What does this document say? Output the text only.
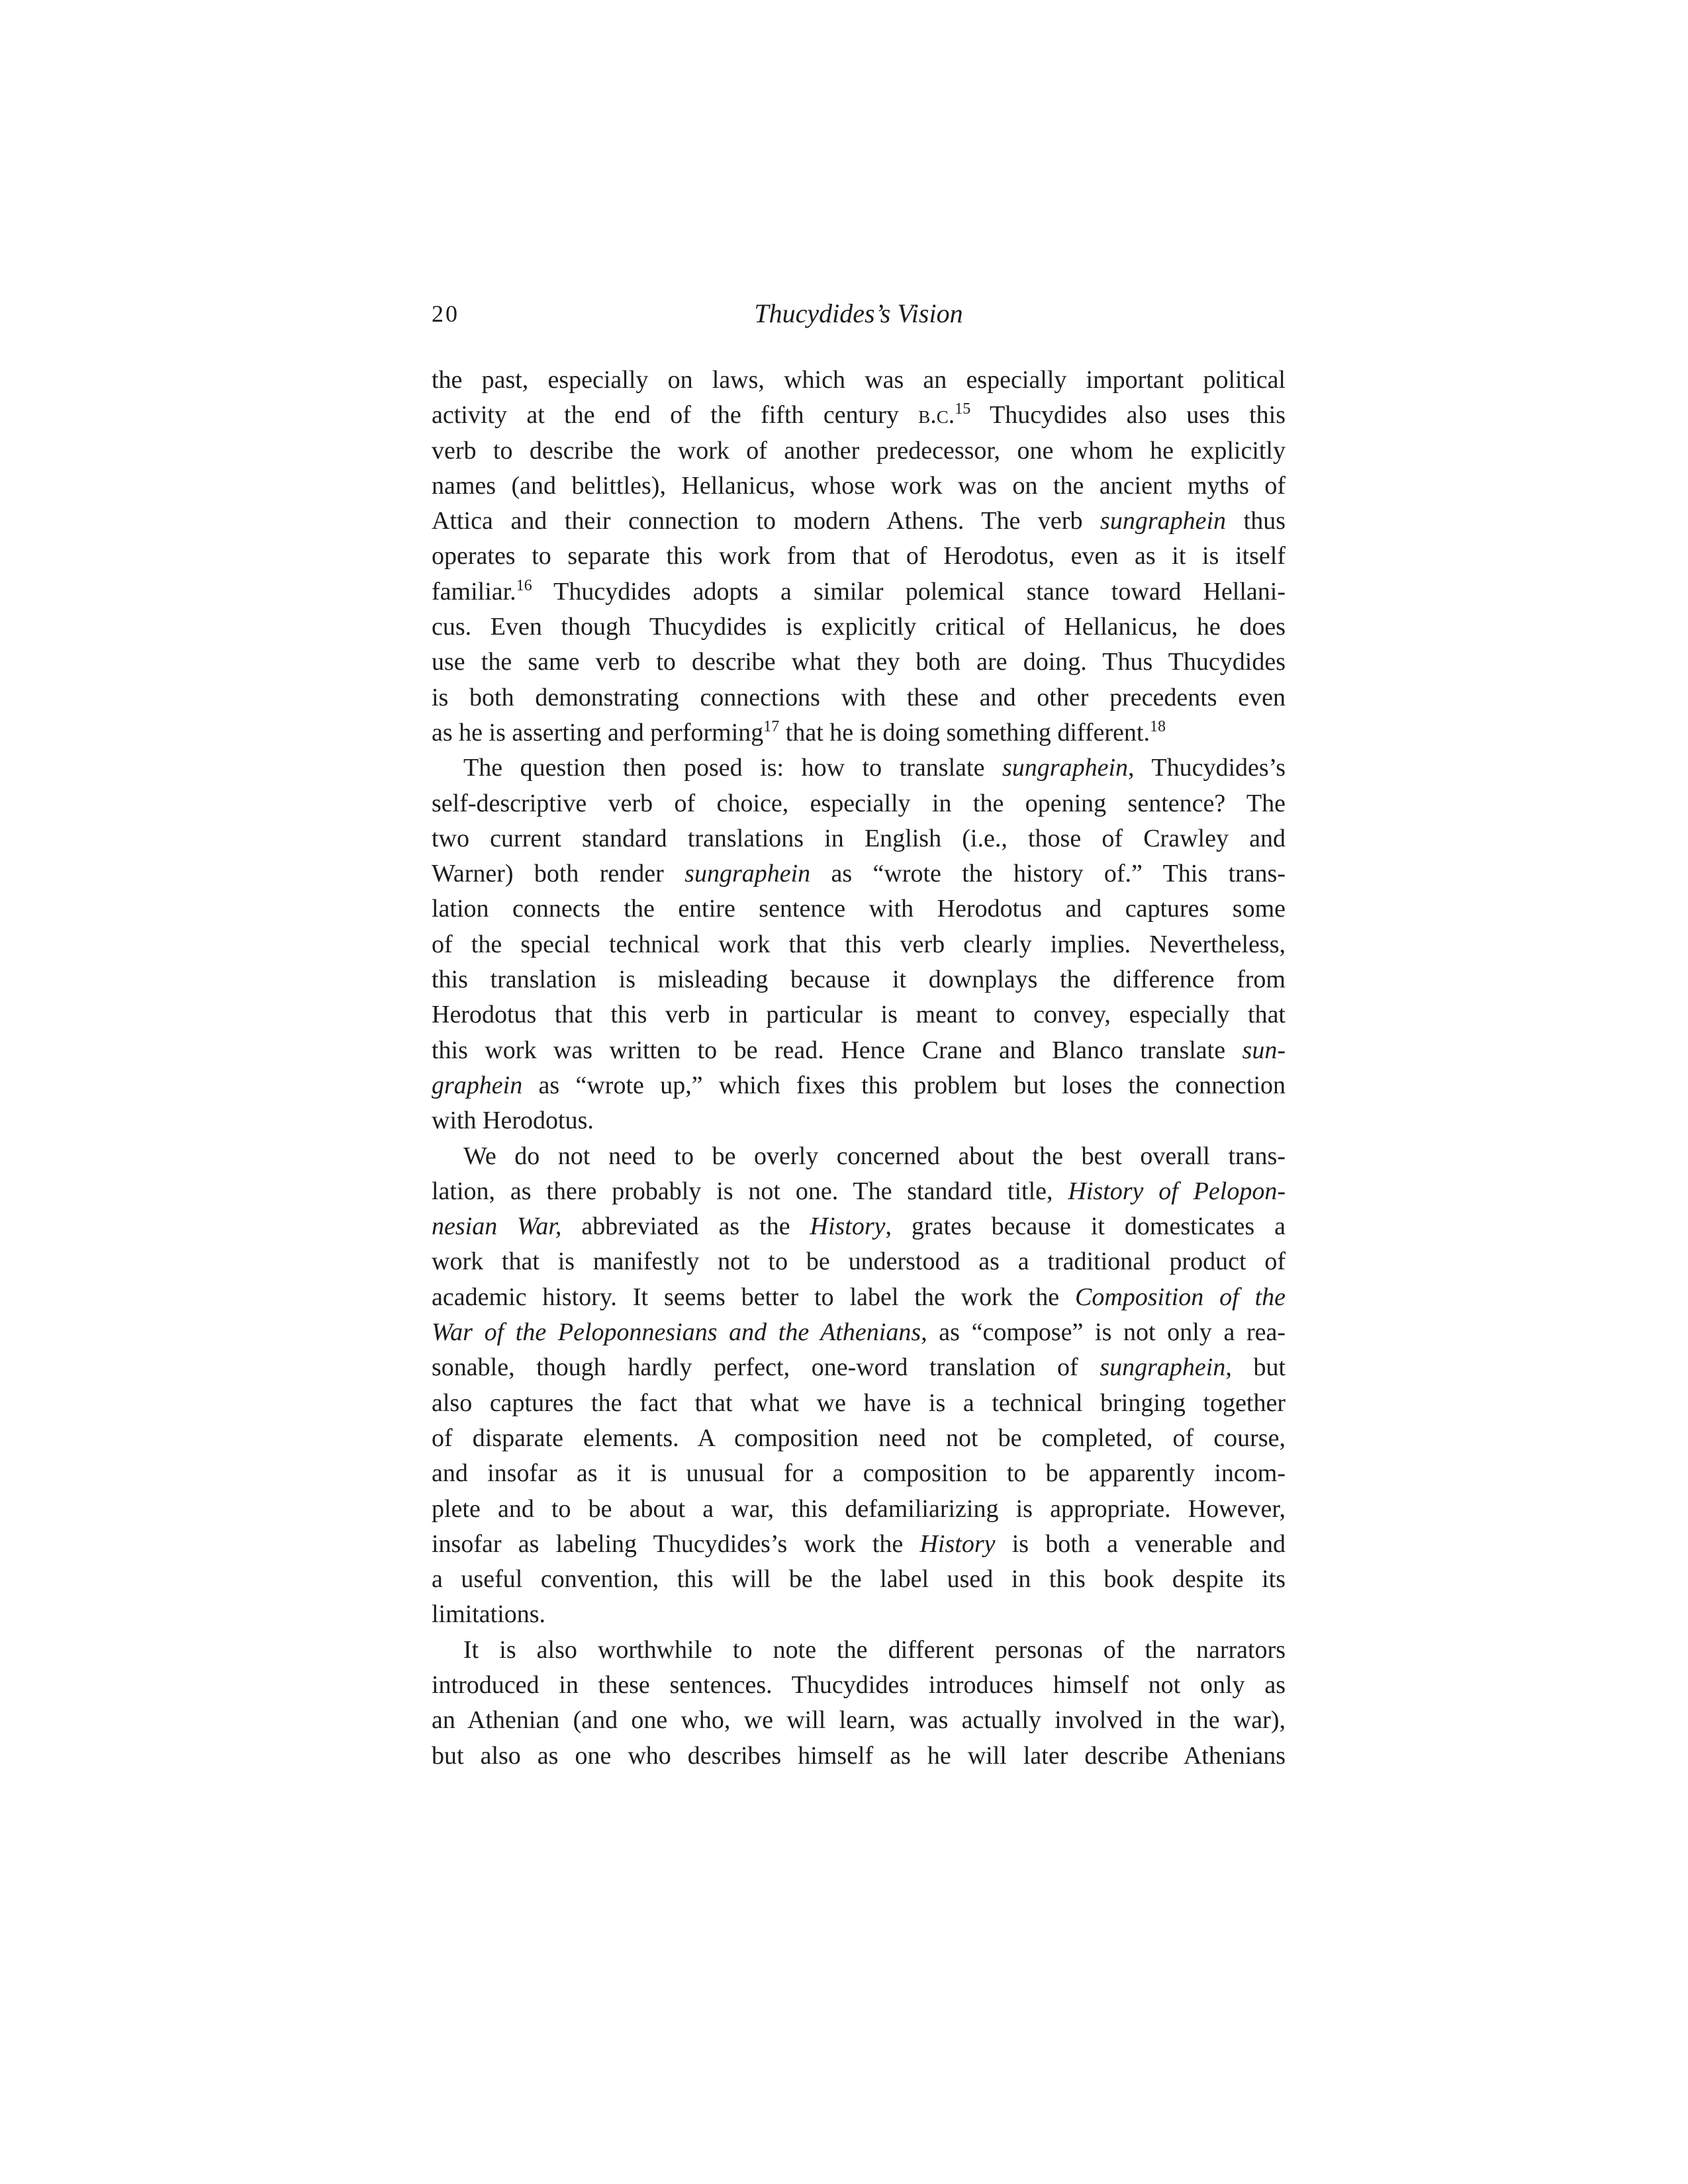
20	Thucydides’s Vision
the past, especially on laws, which was an especially important political
activity at the end of the fifth century b.c.$^{15}$ Thucydides also uses this
verb to describe the work of another predecessor, one whom he explicitly
names (and belittles), Hellanicus, whose work was on the ancient myths of
Attica and their connection to modern Athens. The verb sungraphein thus
operates to separate this work from that of Herodotus, even as it is itself
familiar.$^{16}$ Thucydides adopts a similar polemical stance toward Hellani-
cus. Even though Thucydides is explicitly critical of Hellanicus, he does
use the same verb to describe what they both are doing. Thus Thucydides
is both demonstrating connections with these and other precedents even
as he is asserting and performing$^{17}$ that he is doing something different.$^{18}$
The question then posed is: how to translate sungraphein, Thucydides’s
self-descriptive verb of choice, especially in the opening sentence? The
two current standard translations in English (i.e., those of Crawley and
Warner) both render sungraphein as “wrote the history of.” This trans-
lation connects the entire sentence with Herodotus and captures some
of the special technical work that this verb clearly implies. Nevertheless,
this translation is misleading because it downplays the difference from
Herodotus that this verb in particular is meant to convey, especially that
this work was written to be read. Hence Crane and Blanco translate sun-
graphein as “wrote up,” which fixes this problem but loses the connection
with Herodotus.
We do not need to be overly concerned about the best overall trans-
lation, as there probably is not one. The standard title, History of Pelopon-
nesian War, abbreviated as the History, grates because it domesticates a
work that is manifestly not to be understood as a traditional product of
academic history. It seems better to label the work the Composition of the
War of the Peloponnesians and the Athenians, as “compose” is not only a rea-
sonable, though hardly perfect, one-word translation of sungraphein, but
also captures the fact that what we have is a technical bringing together
of disparate elements. A composition need not be completed, of course,
and insofar as it is unusual for a composition to be apparently incom-
plete and to be about a war, this defamiliarizing is appropriate. However,
insofar as labeling Thucydides’s work the History is both a venerable and
a useful convention, this will be the label used in this book despite its
limitations.
It is also worthwhile to note the different personas of the narrators
introduced in these sentences. Thucydides introduces himself not only as
an Athenian (and one who, we will learn, was actually involved in the war),
but also as one who describes himself as he will later describe Athenians
